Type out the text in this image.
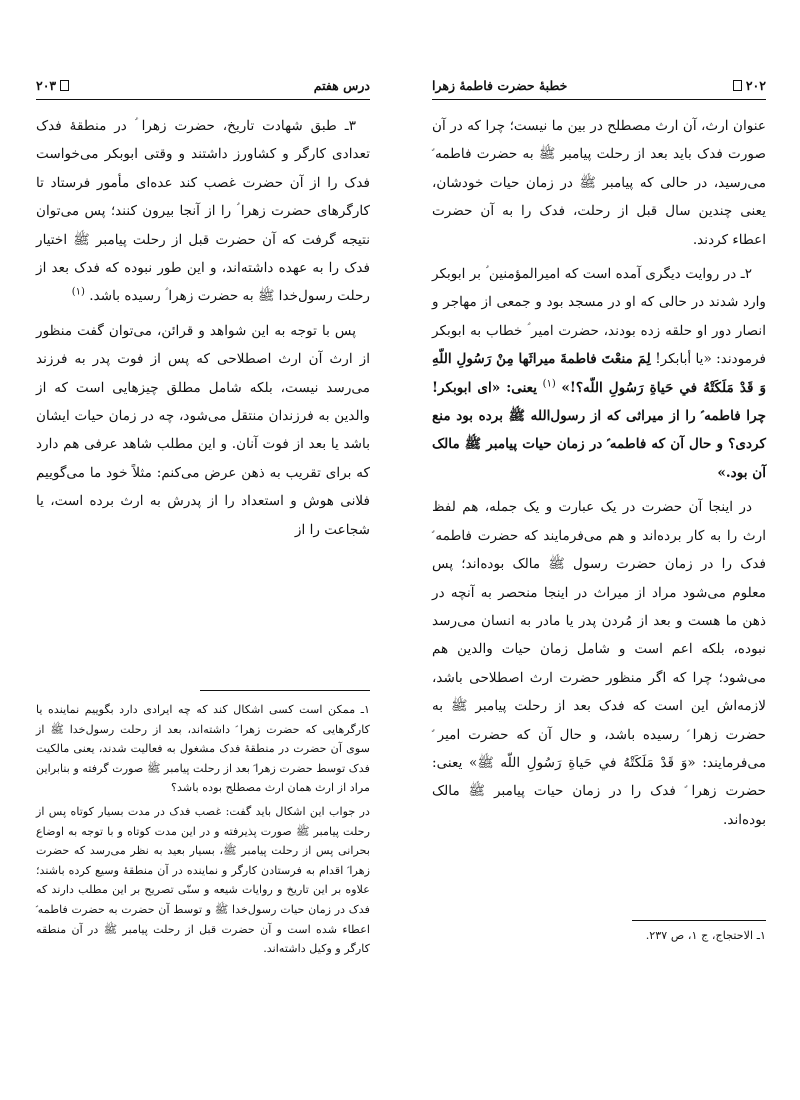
۲۰۲
خطبهٔ حضرت فاطمهٔ زهرا

عنوان ارث، آن ارث مصطلح در بین ما نیست؛ چرا که در آن صورت فدک باید بعد از رحلت پیامبر ﷺ به حضرت فاطمه ؑ می‌رسید، در حالی که پیامبر ﷺ در زمان حیات خودشان، یعنی چندین سال قبل از رحلت، فدک را به آن حضرت اعطاء کردند.

۲ـ در روایت دیگری آمده است که امیرالمؤمنین ؑ بر ابوبکر وارد شدند در حالی که او در مسجد بود و جمعی از مهاجر و انصار دور او حلقه زده بودند، حضرت امیر ؑ خطاب به ابوبکر فرمودند: «یا أبابکر! لِمَ منعْتَ فاطمةَ میراثَها مِنْ رَسُولِ اللّهِ وَ قَدْ مَلَکَتْهُ في حَیاةِ رَسُولِ اللّه؟!» $^{(۱)}$ یعنی: «ای ابوبکر! چرا فاطمه ؑ را از میراثی که از رسول‌الله ﷺ برده بود منع کردی؟ و حال آن که فاطمه ؑ در زمان حیات پیامبر ﷺ مالک آن بود.»

در اینجا آن حضرت در یک عبارت و یک جمله، هم لفظ ارث را به کار برده‌اند و هم می‌فرمایند که حضرت فاطمه ؑ فدک را در زمان حضرت رسول ﷺ مالک بوده‌اند؛ پس معلوم می‌شود مراد از میراث در اینجا منحصر به آنچه در ذهن ما هست و بعد از مُردن پدر یا مادر به انسان می‌رسد نبوده، بلکه اعم است و شامل زمان حیات والدین هم می‌شود؛ چرا که اگر منظور حضرت ارث اصطلاحی باشد، لازمه‌اش این است که فدک بعد از رحلت پیامبر ﷺ به حضرت زهرا ؑ رسیده باشد، و حال آن که حضرت امیر ؑ می‌فرمایند: «وَ قَدْ مَلَکَتْهُ في حَیاةِ رَسُولِ اللّه ﷺ» یعنی: حضرت زهرا ؑ فدک را در زمان حیات پیامبر ﷺ مالک بوده‌اند.

۱ـ الاحتجاج، ج ۱، ص ۲۳۷.

درس هفتم
۲۰۳

۳ـ طبق شهادت تاریخ، حضرت زهرا ؑ در منطقهٔ فدک تعدادی کارگر و کشاورز داشتند و وقتی ابوبکر می‌خواست فدک را از آن حضرت غصب کند عده‌ای مأمور فرستاد تا کارگرهای حضرت زهرا ؑ را از آنجا بیرون کنند؛ پس می‌توان نتیجه گرفت که آن حضرت قبل از رحلت پیامبر ﷺ اختیار فدک را به عهده داشته‌اند، و این طور نبوده که فدک بعد از رحلت رسول‌خدا ﷺ به حضرت زهرا ؑ رسیده باشد. $^{(۱)}$

پس با توجه به این شواهد و قرائن، می‌توان گفت منظور از ارث آن ارث اصطلاحی که پس از فوت پدر به فرزند می‌رسد نیست، بلکه شامل مطلق چیزهایی است که از والدین به فرزندان منتقل می‌شود، چه در زمان حیات ایشان باشد یا بعد از فوت آنان. و این مطلب شاهد عرفی هم دارد که برای تقریب به ذهن عرض می‌کنم: مثلاً خود ما می‌گوییم فلانی هوش و استعداد را از پدرش به ارث برده است، یا شجاعت را از

۱ـ ممکن است کسی اشکال کند که چه ایرادی دارد بگوییم نماینده یا کارگرهایی که حضرت زهرا ؑ داشته‌اند، بعد از رحلت رسول‌خدا ﷺ از سوی آن حضرت در منطقهٔ فدک مشغول به فعالیت شدند، یعنی مالکیت فدک توسط حضرت زهرا ؑ بعد از رحلت پیامبر ﷺ صورت گرفته و بنابراین مراد از ارث همان ارث مصطلح بوده باشد؟

در جواب این اشکال باید گفت: غصب فدک در مدت بسیار کوتاه پس از رحلت پیامبر ﷺ صورت پذیرفته و در این مدت کوتاه و با توجه به اوضاع بحرانی پس از رحلت پیامبر ﷺ، بسیار بعید به نظر می‌رسد که حضرت زهرا ؑ اقدام به فرستادن کارگر و نماینده در آن منطقهٔ وسیع کرده باشند؛ علاوه بر این تاریخ و روایات شیعه و سنّی تصریح بر این مطلب دارند که فدک در زمان حیات رسول‌خدا ﷺ و توسط آن حضرت به حضرت فاطمه ؑ اعطاء شده است و آن حضرت قبل از رحلت پیامبر ﷺ در آن منطقه کارگر و وکیل داشته‌اند.
